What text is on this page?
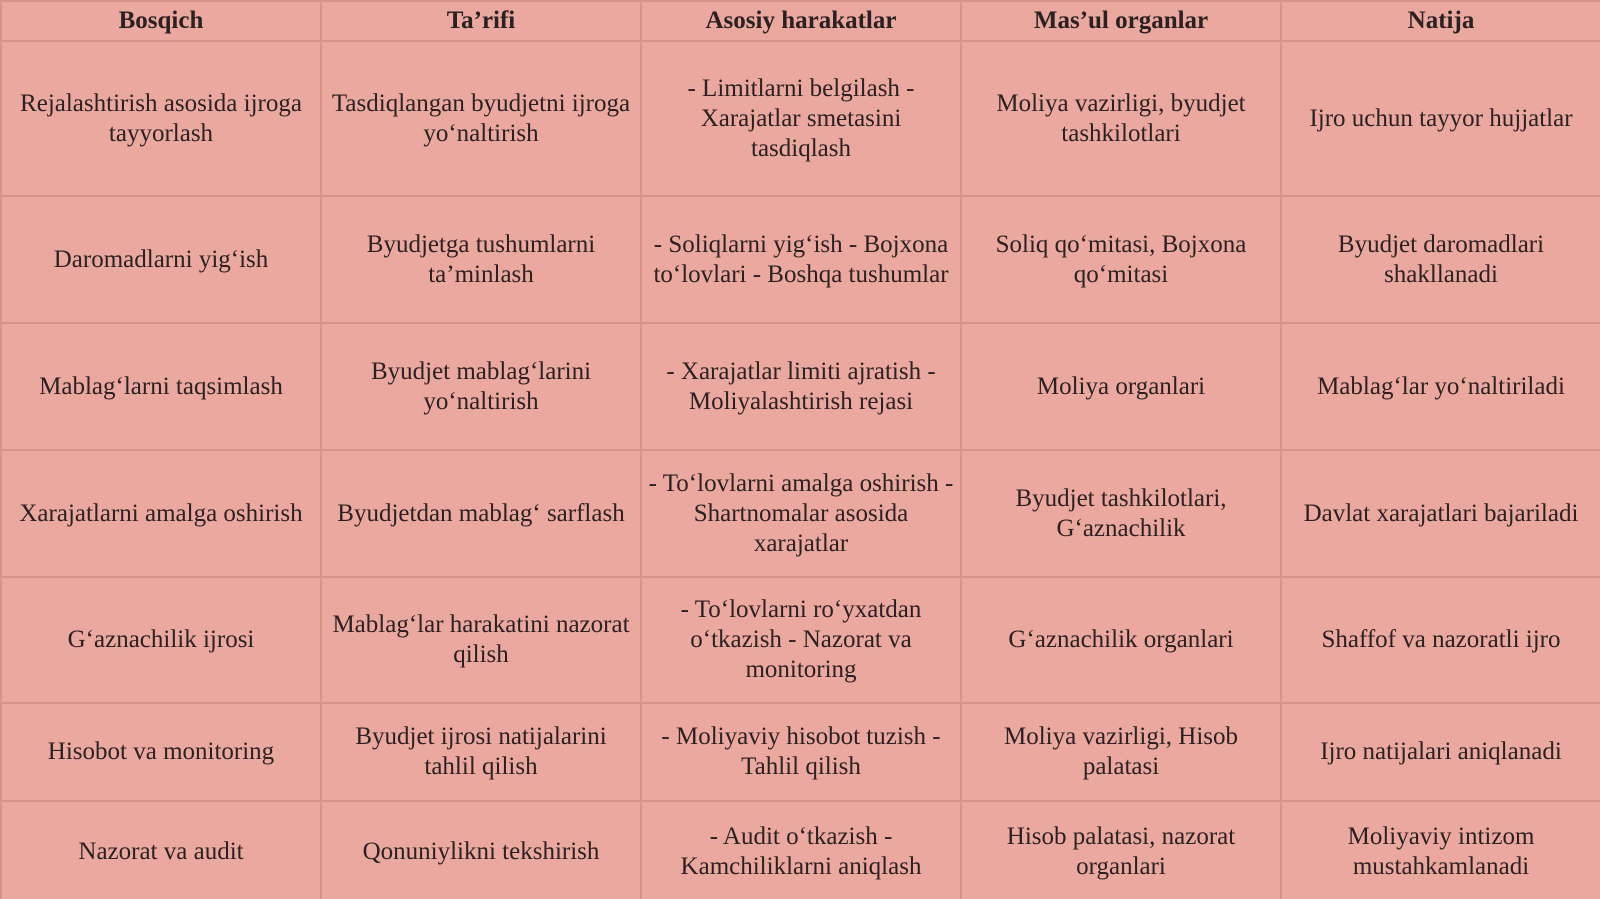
Bosqich	Ta’rifi	Asosiy harakatlar	Mas’ul organlar	Natija
Rejalashtirish asosida ijroga tayyorlash	Tasdiqlangan byudjetni ijroga yo‘naltirish	- Limitlarni belgilash - Xarajatlar smetasini tasdiqlash	Moliya vazirligi, byudjet tashkilotlari	Ijro uchun tayyor hujjatlar
Daromadlarni yig‘ish	Byudjetga tushumlarni ta’minlash	- Soliqlarni yig‘ish - Bojxona to‘lovlari - Boshqa tushumlar	Soliq qo‘mitasi, Bojxona qo‘mitasi	Byudjet daromadlari shakllanadi
Mablag‘larni taqsimlash	Byudjet mablag‘larini yo‘naltirish	- Xarajatlar limiti ajratish - Moliyalashtirish rejasi	Moliya organlari	Mablag‘lar yo‘naltiriladi
Xarajatlarni amalga oshirish	Byudjetdan mablag‘ sarflash	- To‘lovlarni amalga oshirish - Shartnomalar asosida xarajatlar	Byudjet tashkilotlari, G‘aznachilik	Davlat xarajatlari bajariladi
G‘aznachilik ijrosi	Mablag‘lar harakatini nazorat qilish	- To‘lovlarni ro‘yxatdan o‘tkazish - Nazorat va monitoring	G‘aznachilik organlari	Shaffof va nazoratli ijro
Hisobot va monitoring	Byudjet ijrosi natijalarini tahlil qilish	- Moliyaviy hisobot tuzish - Tahlil qilish	Moliya vazirligi, Hisob palatasi	Ijro natijalari aniqlanadi
Nazorat va audit	Qonuniylikni tekshirish	- Audit o‘tkazish - Kamchiliklarni aniqlash	Hisob palatasi, nazorat organlari	Moliyaviy intizom mustahkamlanadi
